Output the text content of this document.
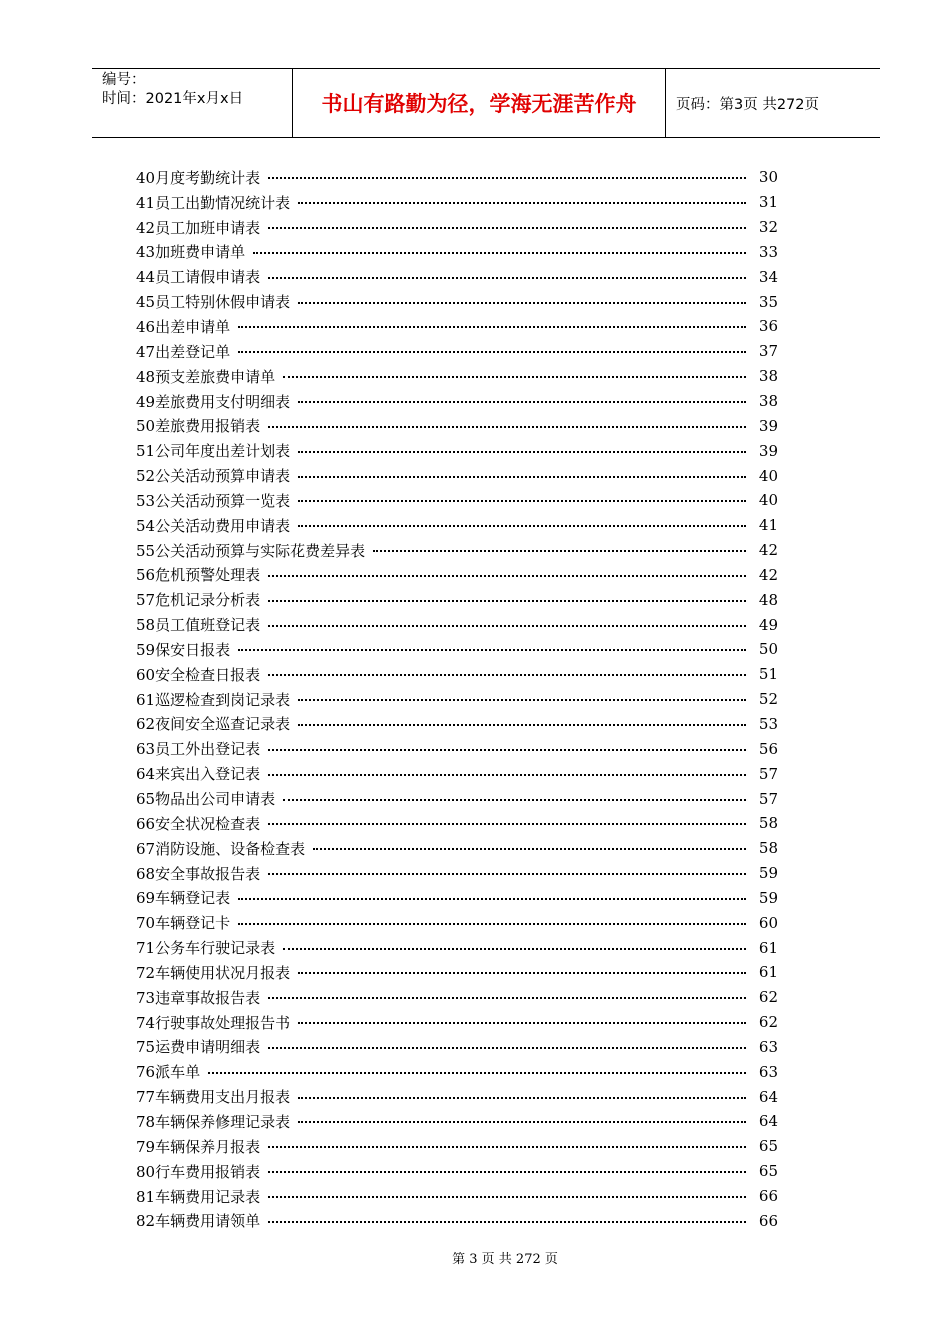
编号：
时间：2021年x月x日	书山有路勤为径，学海无涯苦作舟	页码：第3页 共272页
40月度考勤统计表	30
41员工出勤情况统计表	31
42员工加班申请表	32
43加班费申请单	33
44员工请假申请表	34
45员工特别休假申请表	35
46出差申请单	36
47出差登记单	37
48预支差旅费申请单	38
49差旅费用支付明细表	38
50差旅费用报销表	39
51公司年度出差计划表	39
52公关活动预算申请表	40
53公关活动预算一览表	40
54公关活动费用申请表	41
55公关活动预算与实际花费差异表	42
56危机预警处理表	42
57危机记录分析表	48
58员工值班登记表	49
59保安日报表	50
60安全检查日报表	51
61巡逻检查到岗记录表	52
62夜间安全巡查记录表	53
63员工外出登记表	56
64来宾出入登记表	57
65物品出公司申请表	57
66安全状况检查表	58
67消防设施、设备检查表	58
68安全事故报告表	59
69车辆登记表	59
70车辆登记卡	60
71公务车行驶记录表	61
72车辆使用状况月报表	61
73违章事故报告表	62
74行驶事故处理报告书	62
75运费申请明细表	63
76派车单	63
77车辆费用支出月报表	64
78车辆保养修理记录表	64
79车辆保养月报表	65
80行车费用报销表	65
81车辆费用记录表	66
82车辆费用请领单	66
第 3 页 共 272 页
